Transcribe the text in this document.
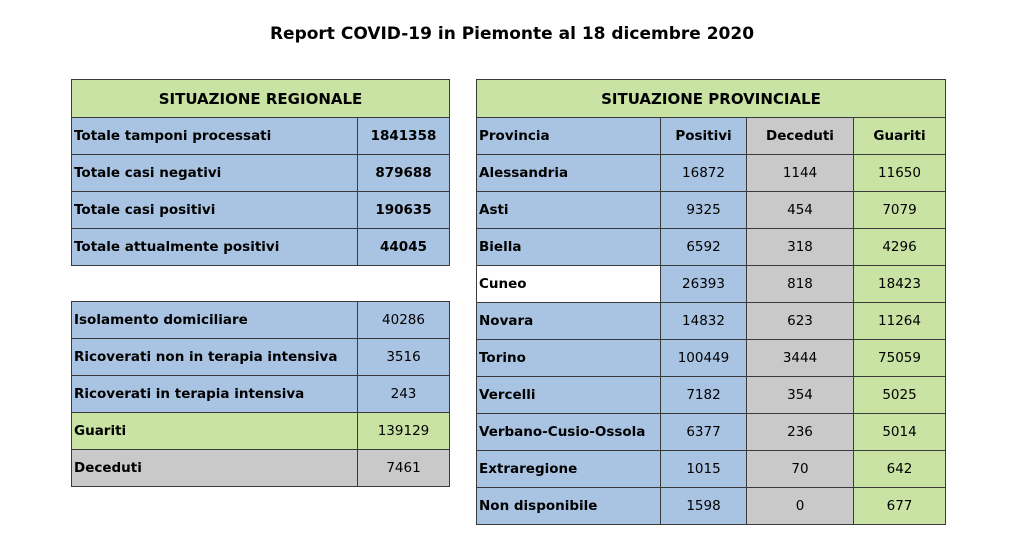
Report COVID-19 in Piemonte al 18 dicembre 2020
SITUAZIONE REGIONALE	
Totale tamponi processati	1841358
Totale casi negativi	879688
Totale casi positivi	190635
Totale attualmente positivi	44045
Isolamento domiciliare	40286
Ricoverati non in terapia intensiva	3516
Ricoverati in terapia intensiva	243
Guariti	139129
Deceduti	7461
SITUAZIONE PROVINCIALE			
Provincia	Positivi	Deceduti	Guariti
Alessandria	16872	1144	11650
Asti	9325	454	7079
Biella	6592	318	4296
Cuneo	26393	818	18423
Novara	14832	623	11264
Torino	100449	3444	75059
Vercelli	7182	354	5025
Verbano-Cusio-Ossola	6377	236	5014
Extraregione	1015	70	642
Non disponibile	1598	0	677
